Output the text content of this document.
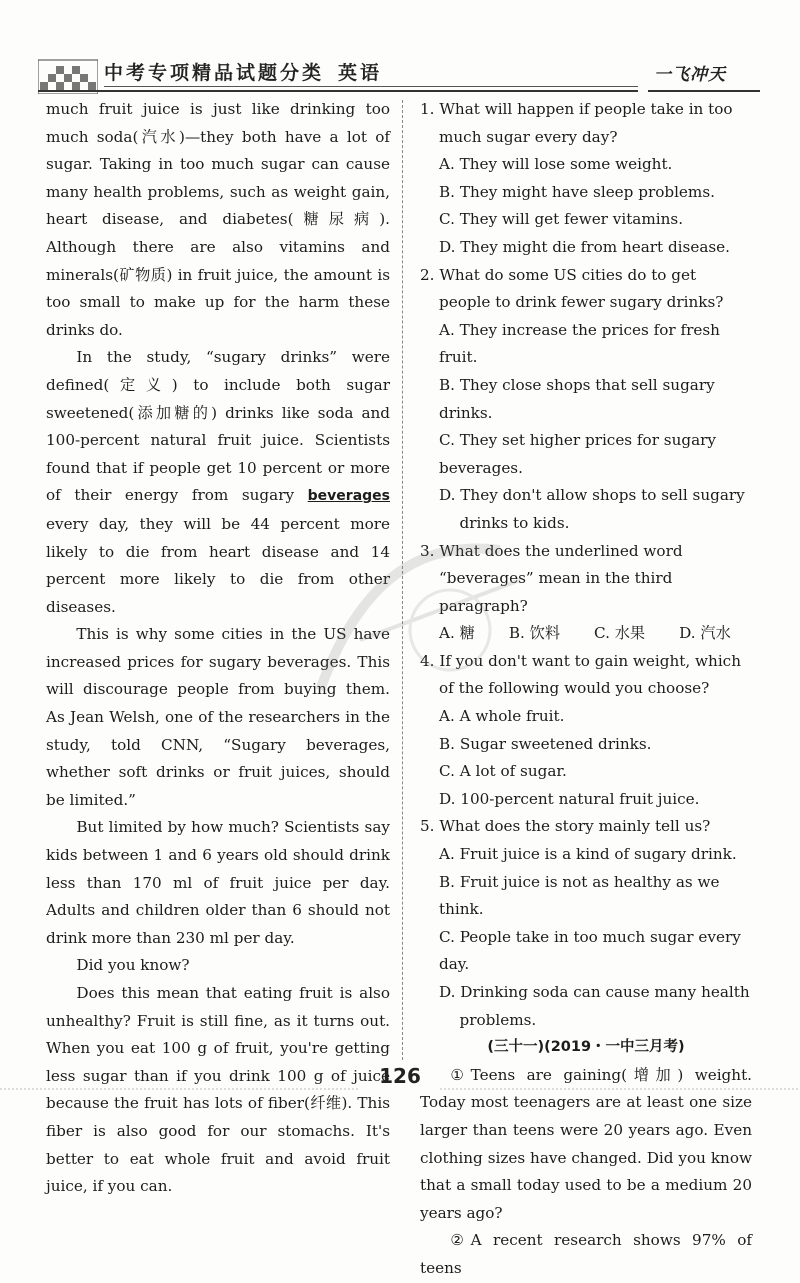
中考专项精品试题分类 英语	一飞冲天

much fruit juice is just like drinking too much soda(汽水)—they both have a lot of sugar. Taking in too much sugar can cause many health problems, such as weight gain, heart disease, and diabetes(糖尿病). Although there are also vitamins and minerals(矿物质) in fruit juice, the amount is too small to make up for the harm these drinks do.

In the study, “sugary drinks” were defined(定义) to include both sugar sweetened(添加糖的) drinks like soda and 100-percent natural fruit juice. Scientists found that if people get 10 percent or more of their energy from sugary beverages every day, they will be 44 percent more likely to die from heart disease and 14 percent more likely to die from other diseases.

This is why some cities in the US have increased prices for sugary beverages. This will discourage people from buying them. As Jean Welsh, one of the researchers in the study, told CNN, “Sugary beverages, whether soft drinks or fruit juices, should be limited.”

But limited by how much? Scientists say kids between 1 and 6 years old should drink less than 170 ml of fruit juice per day. Adults and children older than 6 should not drink more than 230 ml per day.

Did you know?

Does this mean that eating fruit is also unhealthy? Fruit is still fine, as it turns out. When you eat 100 g of fruit, you're getting less sugar than if you drink 100 g of juice because the fruit has lots of fiber(纤维). This fiber is also good for our stomachs. It's better to eat whole fruit and avoid fruit juice, if you can.

1. What will happen if people take in too much sugar every day?
A. They will lose some weight.
B. They might have sleep problems.
C. They will get fewer vitamins.
D. They might die from heart disease.
2. What do some US cities do to get people to drink fewer sugary drinks?
A. They increase the prices for fresh fruit.
B. They close shops that sell sugary drinks.
C. They set higher prices for sugary beverages.
D. They don't allow shops to sell sugary drinks to kids.
3. What does the underlined word “beverages” mean in the third paragraph?
A. 糖 B. 饮料 C. 水果 D. 汽水
4. If you don't want to gain weight, which of the following would you choose?
A. A whole fruit.
B. Sugar sweetened drinks.
C. A lot of sugar.
D. 100-percent natural fruit juice.
5. What does the story mainly tell us?
A. Fruit juice is a kind of sugary drink.
B. Fruit juice is not as healthy as we think.
C. People take in too much sugar every day.
D. Drinking soda can cause many health problems.

(三十一)(2019・一中三月考)

①Teens are gaining(增加) weight. Today most teenagers are at least one size larger than teens were 20 years ago. Even clothing sizes have changed. Did you know that a small today used to be a medium 20 years ago?

②A recent research shows 97% of teens

126
